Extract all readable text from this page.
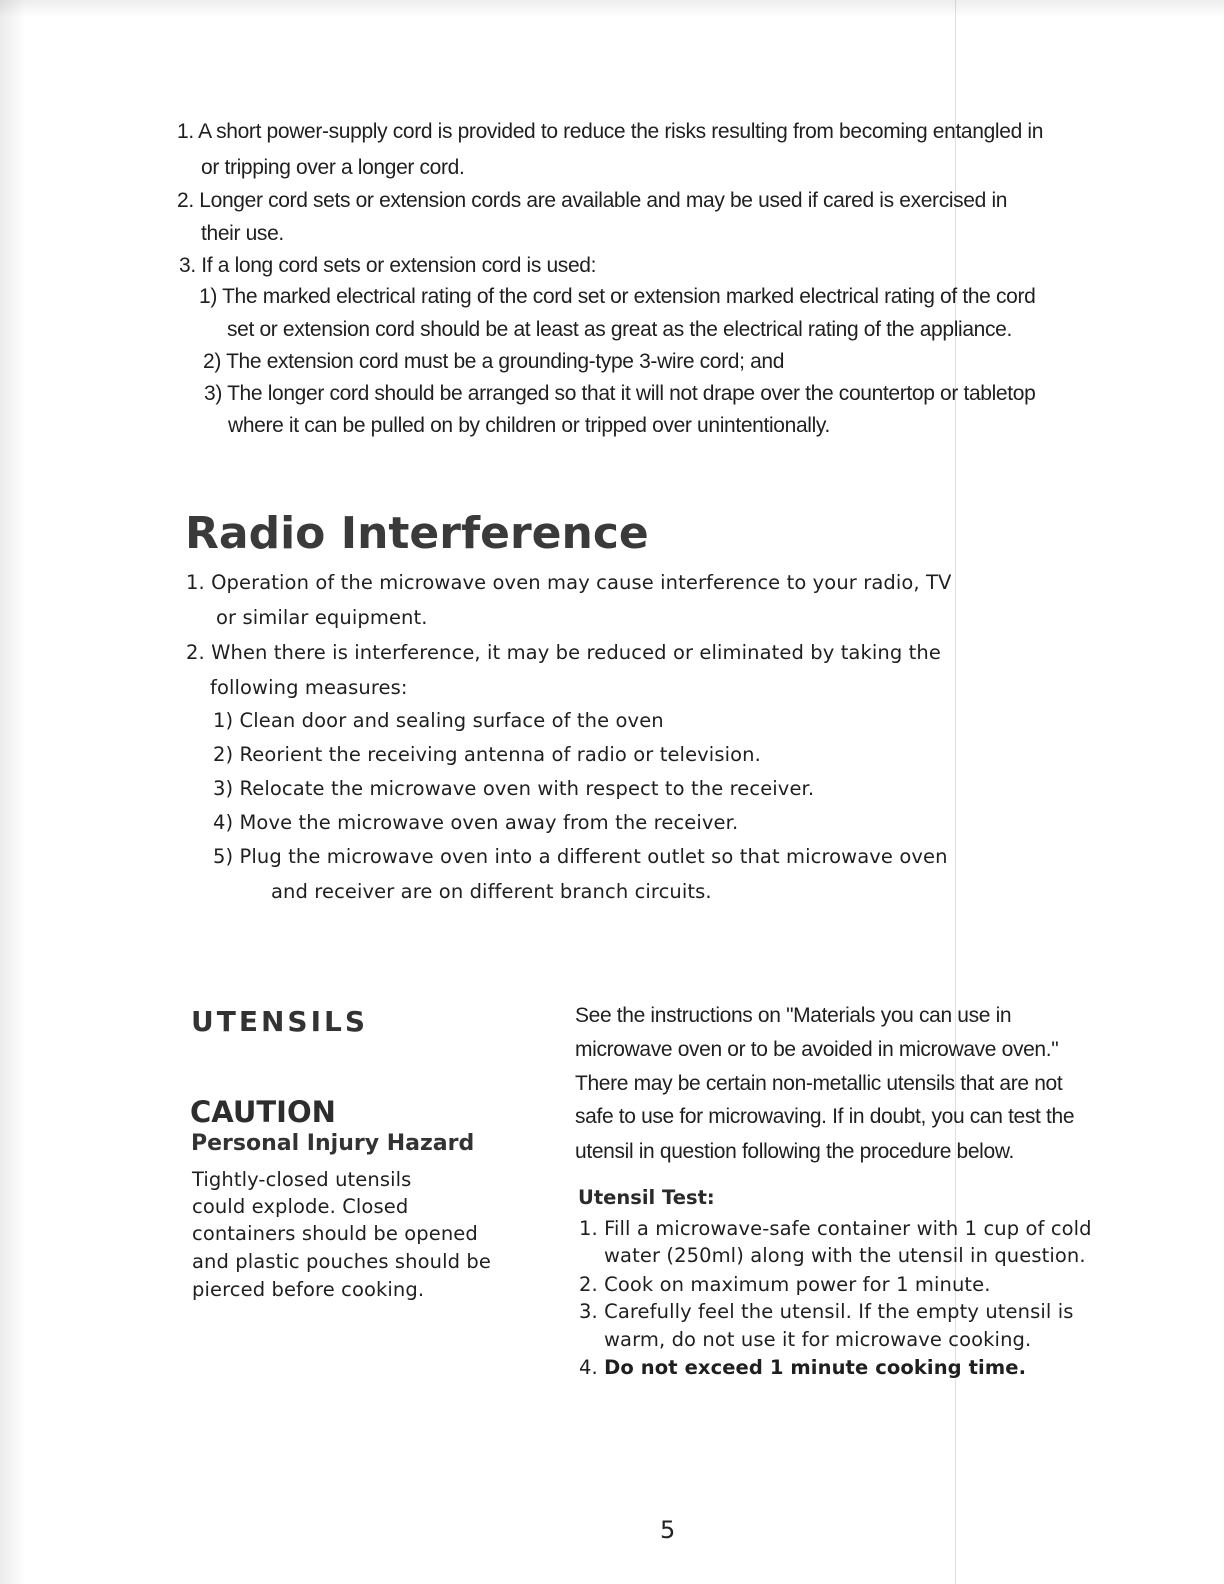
1. A short power-supply cord is provided to reduce the risks resulting from becoming entangled in
or tripping over a longer cord.
2. Longer cord sets or extension cords are available and may be used if cared is exercised in
their use.
3. If a long cord sets or extension cord is used:
1) The marked electrical rating of the cord set or extension marked electrical rating of the cord
set or extension cord should be at least as great as the electrical rating of the appliance.
2) The extension cord must be a grounding-type 3-wire cord; and
3) The longer cord should be arranged so that it will not drape over the countertop or tabletop
where it can be pulled on by children or tripped over unintentionally.
Radio Interference
1. Operation of the microwave oven may cause interference to your radio, TV
or similar equipment.
2. When there is interference, it may be reduced or eliminated by taking the
following measures:
1) Clean door and sealing surface of the oven
2) Reorient the receiving antenna of radio or television.
3) Relocate the microwave oven with respect to the receiver.
4) Move the microwave oven away from the receiver.
5) Plug the microwave oven into a different outlet so that microwave oven
and receiver are on different branch circuits.
UTENSILS
CAUTION
Personal Injury Hazard
Tightly-closed utensils
could explode. Closed
containers should be opened
and plastic pouches should be
pierced before cooking.
See the instructions on "Materials you can use in
microwave oven or to be avoided in microwave oven."
There may be certain non-metallic utensils that are not
safe to use for microwaving. If in doubt, you can test the
utensil in question following the procedure below.
Utensil Test:
1. Fill a microwave-safe container with 1 cup of cold
water (250ml) along with the utensil in question.
2. Cook on maximum power for 1 minute.
3. Carefully feel the utensil. If the empty utensil is
warm, do not use it for microwave cooking.
4. Do not exceed 1 minute cooking time.
5
